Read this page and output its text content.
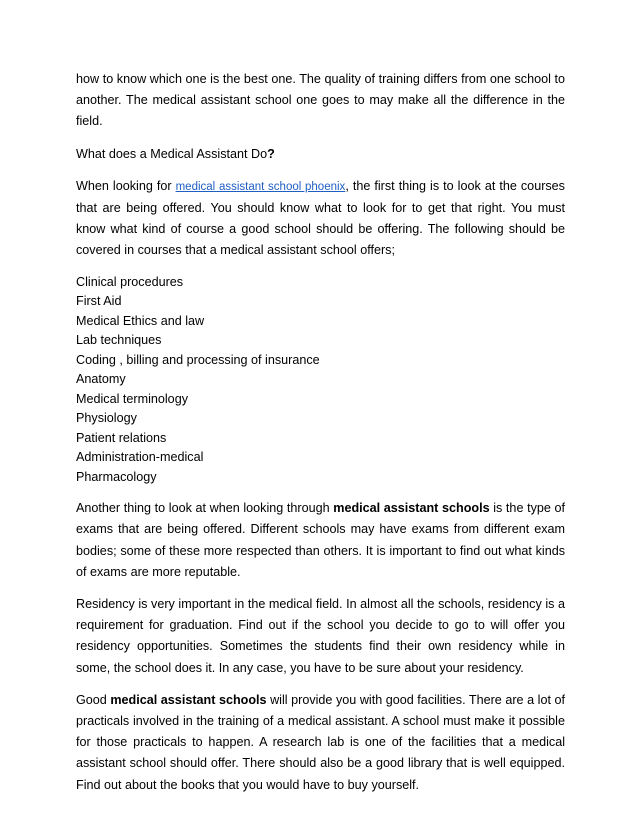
how to know which one is the best one. The quality of training differs from one school to another. The medical assistant school one goes to may make all the difference in the field.

What does a Medical Assistant Do?

When looking for medical assistant school phoenix, the first thing is to look at the courses that are being offered. You should know what to look for to get that right. You must know what kind of course a good school should be offering. The following should be covered in courses that a medical assistant school offers;

Clinical procedures
First Aid
Medical Ethics and law
Lab techniques
Coding , billing and processing of insurance
Anatomy
Medical terminology
Physiology
Patient relations
Administration-medical
Pharmacology

Another thing to look at when looking through medical assistant schools is the type of exams that are being offered. Different schools may have exams from different exam bodies; some of these more respected than others. It is important to find out what kinds of exams are more reputable.

Residency is very important in the medical field. In almost all the schools, residency is a requirement for graduation. Find out if the school you decide to go to will offer you residency opportunities. Sometimes the students find their own residency while in some, the school does it. In any case, you have to be sure about your residency.

Good medical assistant schools will provide you with good facilities. There are a lot of practicals involved in the training of a medical assistant. A school must make it possible for those practicals to happen. A research lab is one of the facilities that a medical assistant school should offer. There should also be a good library that is well equipped. Find out about the books that you would have to buy yourself.
